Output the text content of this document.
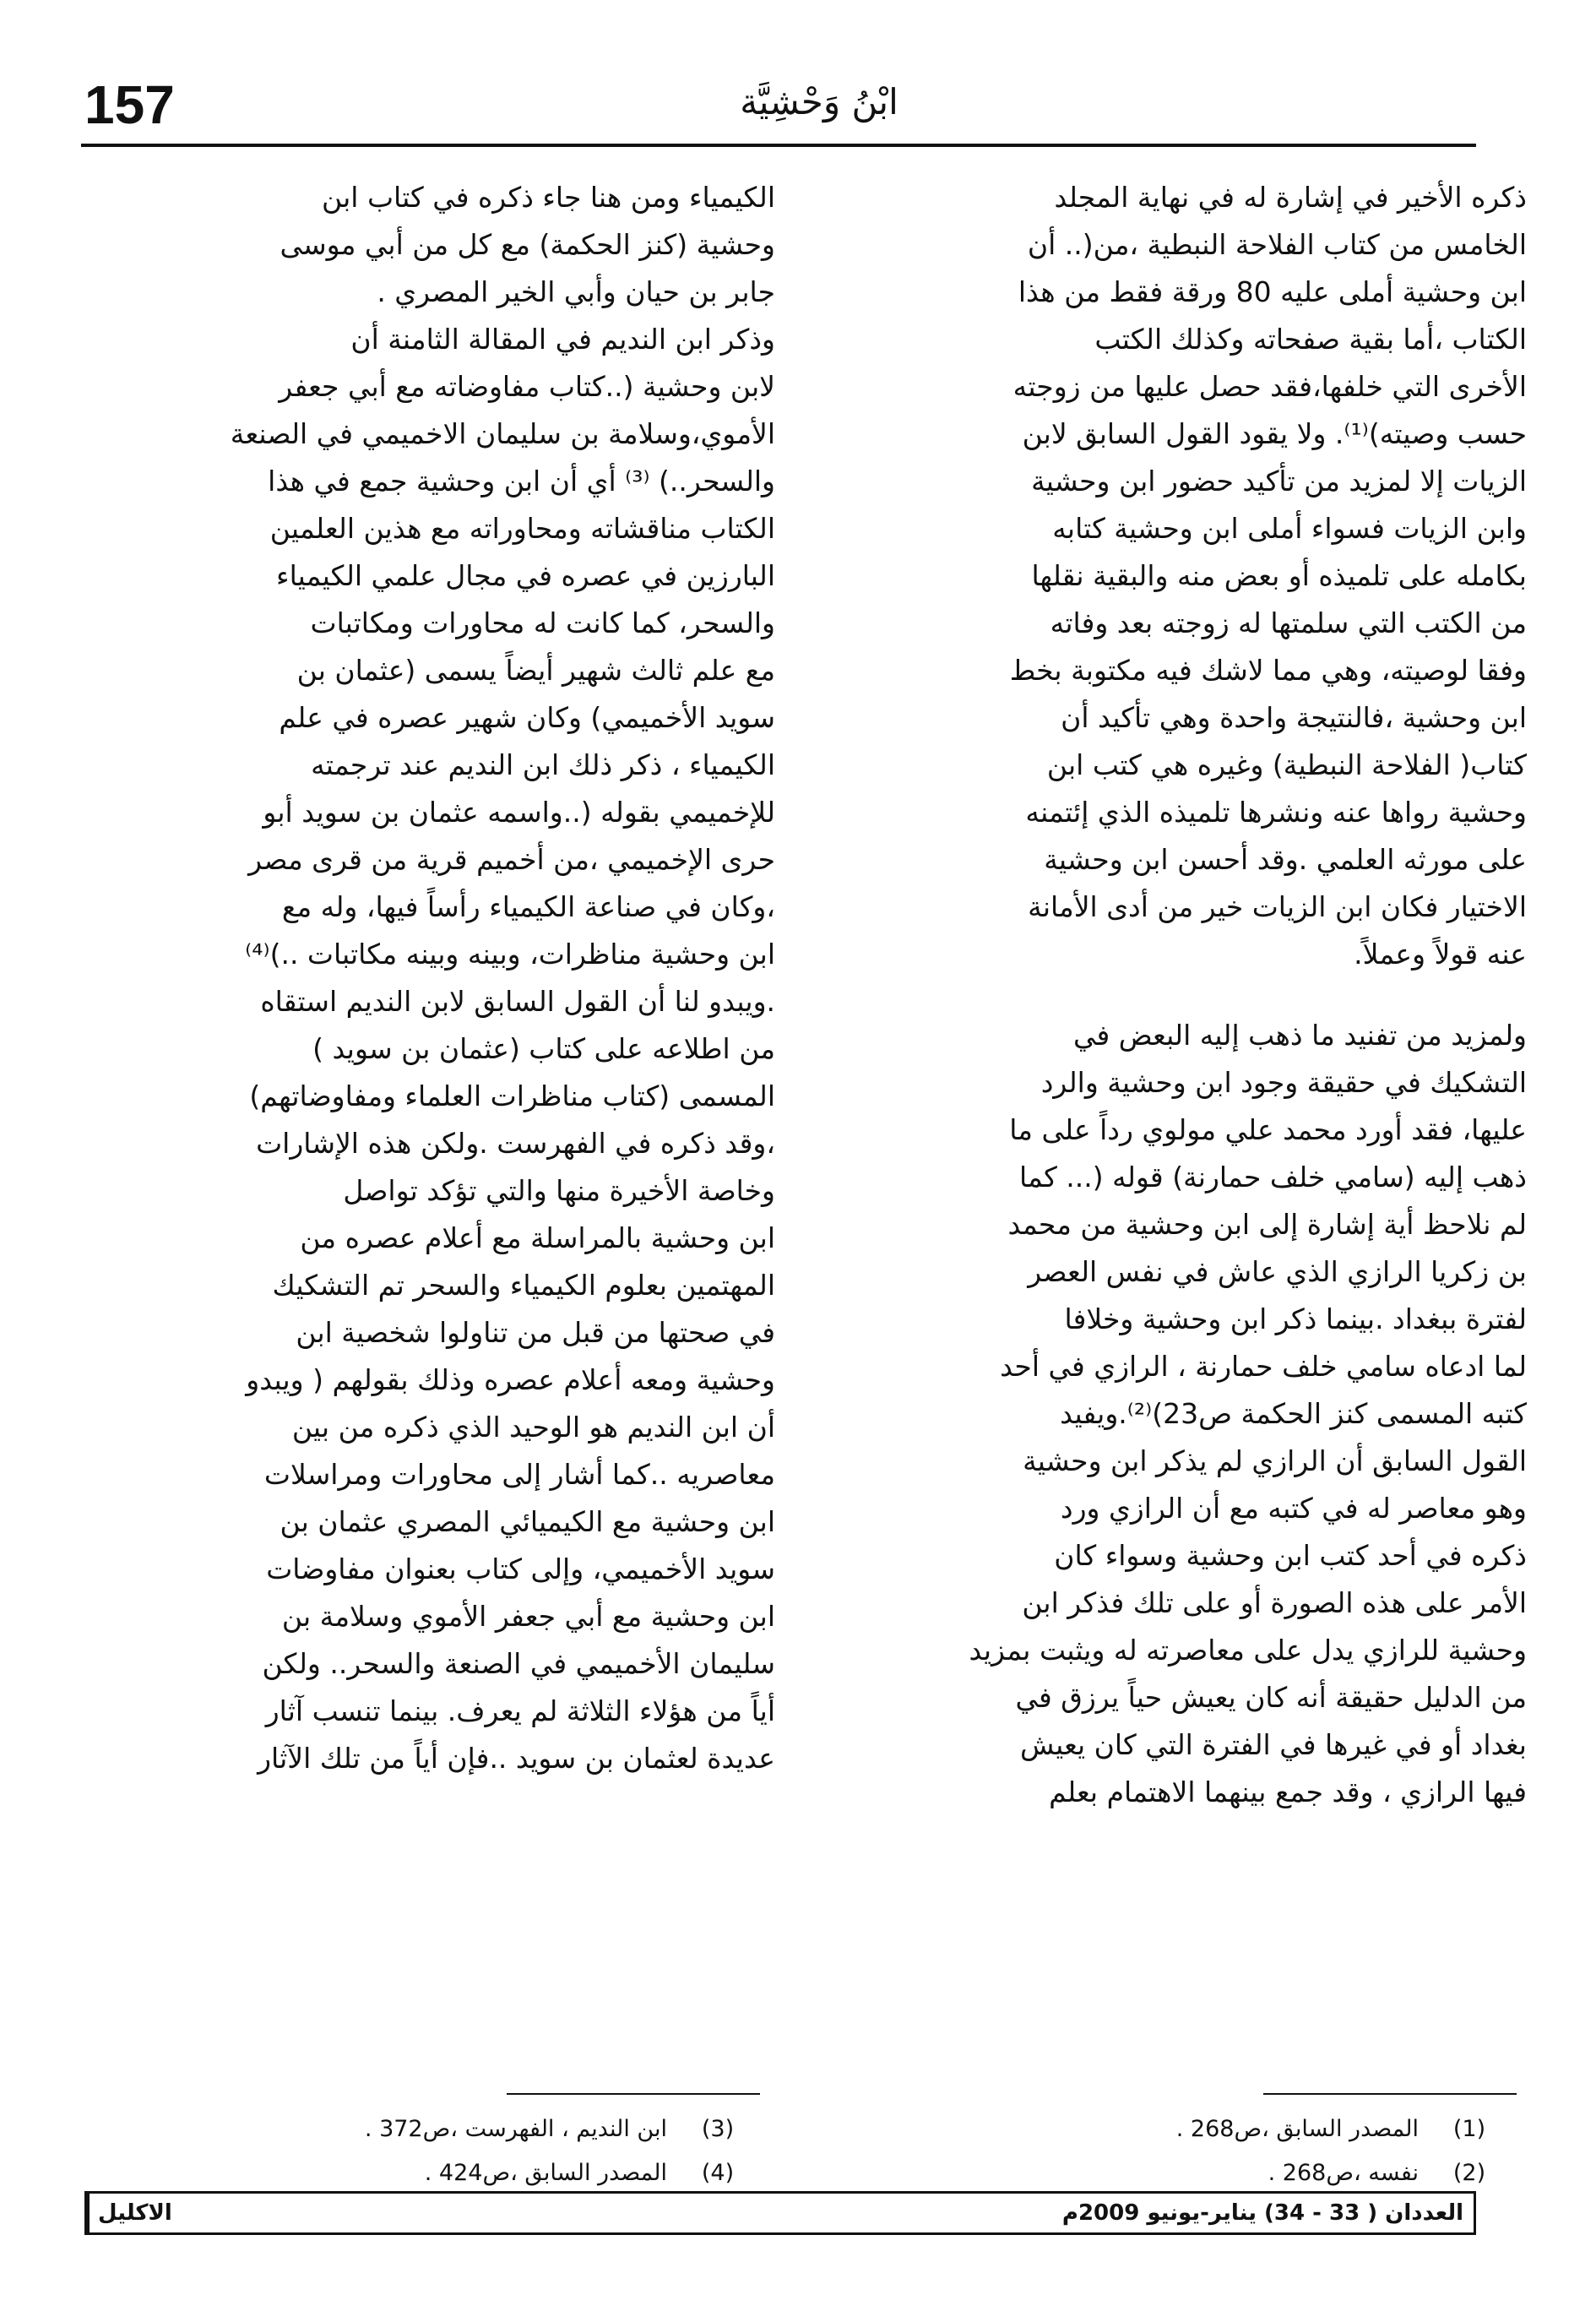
157	ابْنُ وَحْشِيَّة
ذكره الأخير في إشارة له في نهاية المجلد
الخامس من كتاب الفلاحة النبطية ،من(.. أن
ابن وحشية أملى عليه 80 ورقة فقط من هذا
الكتاب ،أما بقية صفحاته وكذلك الكتب
الأخرى التي خلفها،فقد حصل عليها من زوجته
حسب وصيته)⁽¹⁾. ولا يقود القول السابق لابن
الزيات إلا لمزيد من تأكيد حضور ابن وحشية
وابن الزيات فسواء أملى ابن وحشية كتابه
بكامله على تلميذه أو بعض منه والبقية نقلها
من الكتب التي سلمتها له زوجته بعد وفاته
وفقا لوصيته، وهي مما لاشك فيه مكتوبة بخط
ابن وحشية ،فالنتيجة واحدة وهي تأكيد أن
كتاب( الفلاحة النبطية) وغيره هي كتب ابن
وحشية رواها عنه ونشرها تلميذه الذي إئتمنه
على مورثه العلمي .وقد أحسن ابن وحشية
الاختيار فكان ابن الزيات خير من أدى الأمانة
عنه قولاً وعملاً.
ولمزيد من تفنيد ما ذهب إليه البعض في
التشكيك في حقيقة وجود ابن وحشية والرد
عليها، فقد أورد محمد علي مولوي رداً على ما
ذهب إليه (سامي خلف حمارنة) قوله (... كما
لم نلاحظ أية إشارة إلى ابن وحشية من محمد
بن زكريا الرازي الذي عاش في نفس العصر
لفترة ببغداد .بينما ذكر ابن وحشية وخلافا
لما ادعاه سامي خلف حمارنة ، الرازي في أحد
كتبه المسمى كنز الحكمة ص23)⁽²⁾.ويفيد
القول السابق أن الرازي لم يذكر ابن وحشية
وهو معاصر له في كتبه مع أن الرازي ورد
ذكره في أحد كتب ابن وحشية وسواء كان
الأمر على هذه الصورة أو على تلك فذكر ابن
وحشية للرازي يدل على معاصرته له ويثبت بمزيد
من الدليل حقيقة أنه كان يعيش حياً يرزق في
بغداد أو في غيرها في الفترة التي كان يعيش
فيها الرازي ، وقد جمع بينهما الاهتمام بعلم
الكيمياء ومن هنا جاء ذكره في كتاب ابن
وحشية (كنز الحكمة) مع كل من أبي موسى
جابر بن حيان وأبي الخير المصري .
وذكر ابن النديم في المقالة الثامنة أن
لابن وحشية (..كتاب مفاوضاته مع أبي جعفر
الأموي،وسلامة بن سليمان الاخميمي في الصنعة
والسحر..) ⁽³⁾ أي أن ابن وحشية جمع في هذا
الكتاب مناقشاته ومحاوراته مع هذين العلمين
البارزين في عصره في مجال علمي الكيمياء
والسحر، كما كانت له محاورات ومكاتبات
مع علم ثالث شهير أيضاً يسمى (عثمان بن
سويد الأخميمي) وكان شهير عصره في علم
الكيمياء ، ذكر ذلك ابن النديم عند ترجمته
للإخميمي بقوله (..واسمه عثمان بن سويد أبو
حرى الإخميمي ،من أخميم قرية من قرى مصر
،وكان في صناعة الكيمياء رأساً فيها، وله مع
ابن وحشية مناظرات، وبينه وبينه مكاتبات ..)⁽⁴⁾
.ويبدو لنا أن القول السابق لابن النديم استقاه
من اطلاعه على كتاب (عثمان بن سويد )
المسمى (كتاب مناظرات العلماء ومفاوضاتهم)
،وقد ذكره في الفهرست .ولكن هذه الإشارات
وخاصة الأخيرة منها والتي تؤكد تواصل
ابن وحشية بالمراسلة مع أعلام عصره من
المهتمين بعلوم الكيمياء والسحر تم التشكيك
في صحتها من قبل من تناولوا شخصية ابن
وحشية ومعه أعلام عصره وذلك بقولهم ( ويبدو
أن ابن النديم هو الوحيد الذي ذكره من بين
معاصريه ..كما أشار إلى محاورات ومراسلات
ابن وحشية مع الكيميائي المصري عثمان بن
سويد الأخميمي، وإلى كتاب بعنوان مفاوضات
ابن وحشية مع أبي جعفر الأموي وسلامة بن
سليمان الأخميمي في الصنعة والسحر.. ولكن
أياً من هؤلاء الثلاثة لم يعرف. بينما تنسب آثار
عديدة لعثمان بن سويد ..فإن أياً من تلك الآثار
(1)
المصدر السابق ،ص268 .
(2)
نفسه ،ص268 .
(3)
ابن النديم ، الفهرست ،ص372 .
(4)
المصدر السابق ،ص424 .
الاكليل	العددان ( 33 - 34) يناير-يونيو 2009م
